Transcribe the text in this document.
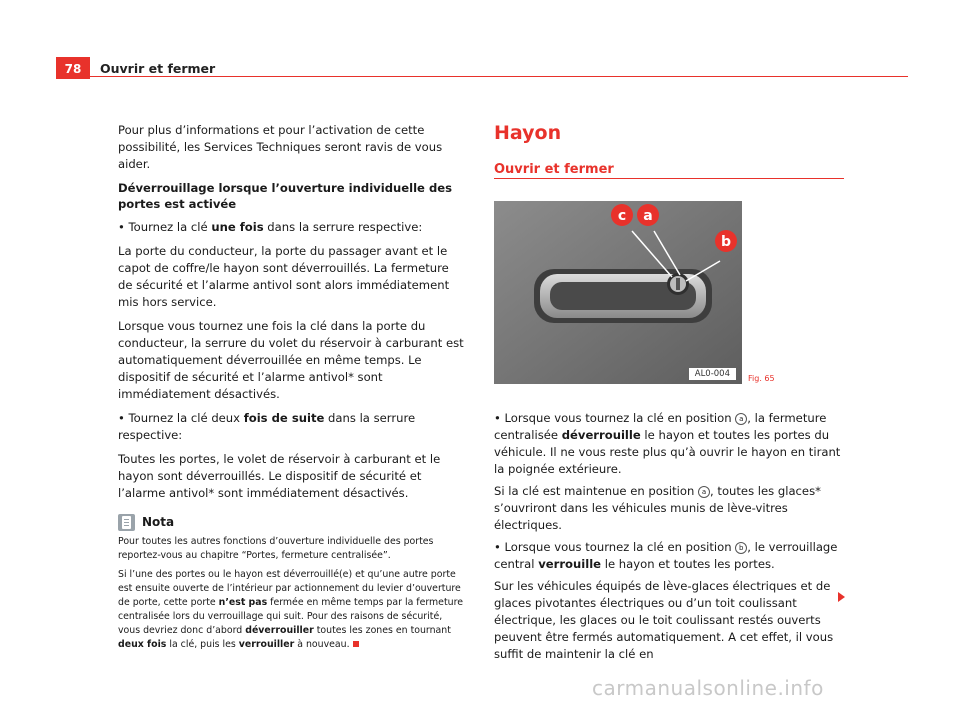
78	Ouvrir et fermer

Pour plus d’informations et pour l’activation de cette possibilité, les Services Techniques seront ravis de vous aider.

Déverrouillage lorsque l’ouverture individuelle des portes est activée

• Tournez la clé une fois dans la serrure respective:

La porte du conducteur, la porte du passager avant et le capot de coffre/le hayon sont déverrouillés. La fermeture de sécurité et l’alarme antivol sont alors immédiatement mis hors service.

Lorsque vous tournez une fois la clé dans la porte du conducteur, la serrure du volet du réservoir à carburant est automatiquement déverrouillée en même temps. Le dispositif de sécurité et l’alarme antivol* sont immédiatement désactivés.

• Tournez la clé deux fois de suite dans la serrure respective:

Toutes les portes, le volet de réservoir à carburant et le hayon sont déverrouillés. Le dispositif de sécurité et l’alarme antivol* sont immédiatement désactivés.

Nota

Pour toutes les autres fonctions d’ouverture individuelle des portes reportez-vous au chapitre “Portes, fermeture centralisée”.

Si l’une des portes ou le hayon est déverrouillé(e) et qu’une autre porte est ensuite ouverte de l’intérieur par actionnement du levier d’ouverture de porte, cette porte n’est pas fermée en même temps par la fermeture centralisée lors du verrouillage qui suit. Pour des raisons de sécurité, vous devriez donc d’abord déverrouiller toutes les zones en tournant deux fois la clé, puis les verrouiller à nouveau.

Hayon
Ouvrir et fermer
c a
b
AL0-004	Fig. 65

• Lorsque vous tournez la clé en position a , la fermeture centralisée déverrouille le hayon et toutes les portes du véhicule. Il ne vous reste plus qu’à ouvrir le hayon en tirant la poignée extérieure.

Si la clé est maintenue en position a , toutes les glaces* s’ouvriront dans les véhicules munis de lève-vitres électriques.

• Lorsque vous tournez la clé en position b , le verrouillage central verrouille le hayon et toutes les portes.

Sur les véhicules équipés de lève-glaces électriques et de glaces pivotantes électriques ou d’un toit coulissant électrique, les glaces ou le toit coulissant restés ouverts peuvent être fermés automatiquement. A cet effet, il vous suffit de maintenir la clé en

carmanualsonline.info
